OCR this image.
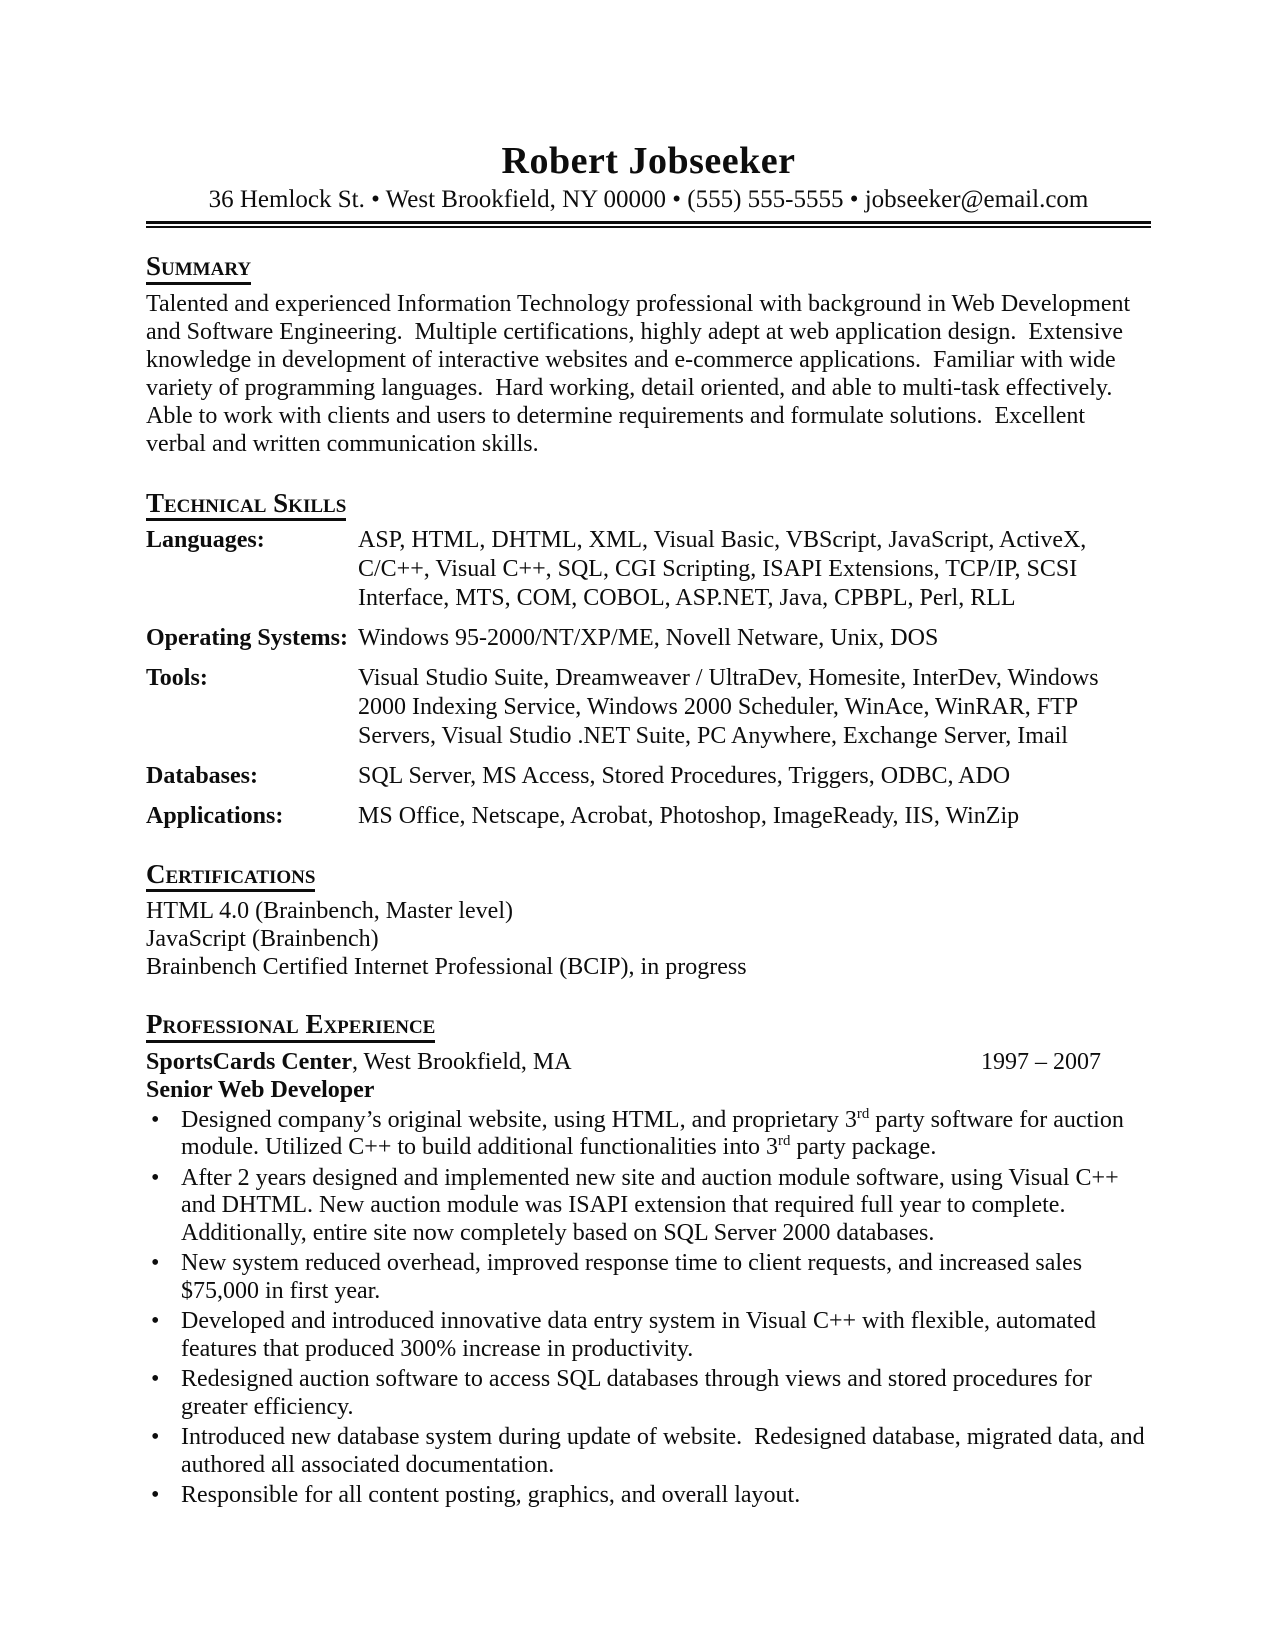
Robert Jobseeker
36 Hemlock St. • West Brookfield, NY 00000 • (555) 555-5555 • jobseeker@email.com
Summary
Talented and experienced Information Technology professional with background in Web Development and Software Engineering.  Multiple certifications, highly adept at web application design.  Extensive knowledge in development of interactive websites and e-commerce applications.  Familiar with wide variety of programming languages.  Hard working, detail oriented, and able to multi-task effectively.  Able to work with clients and users to determine requirements and formulate solutions.  Excellent verbal and written communication skills.
Technical Skills
Languages:	ASP, HTML, DHTML, XML, Visual Basic, VBScript, JavaScript, ActiveX, C/C++, Visual C++, SQL, CGI Scripting, ISAPI Extensions, TCP/IP, SCSI Interface, MTS, COM, COBOL, ASP.NET, Java, CPBPL, Perl, RLL
Operating Systems: Windows 95-2000/NT/XP/ME, Novell Netware, Unix, DOS
Tools:	Visual Studio Suite, Dreamweaver / UltraDev, Homesite, InterDev, Windows 2000 Indexing Service, Windows 2000 Scheduler, WinAce, WinRAR, FTP Servers, Visual Studio .NET Suite, PC Anywhere, Exchange Server, Imail
Databases:	SQL Server, MS Access, Stored Procedures, Triggers, ODBC, ADO
Applications:	MS Office, Netscape, Acrobat, Photoshop, ImageReady, IIS, WinZip
Certifications
HTML 4.0 (Brainbench, Master level)
JavaScript (Brainbench)
Brainbench Certified Internet Professional (BCIP), in progress
Professional Experience
SportsCards Center, West Brookfield, MA	1997 – 2007
Senior Web Developer
• Designed company’s original website, using HTML, and proprietary 3rd party software for auction module. Utilized C++ to build additional functionalities into 3rd party package.
• After 2 years designed and implemented new site and auction module software, using Visual C++ and DHTML. New auction module was ISAPI extension that required full year to complete. Additionally, entire site now completely based on SQL Server 2000 databases.
• New system reduced overhead, improved response time to client requests, and increased sales $75,000 in first year.
• Developed and introduced innovative data entry system in Visual C++ with flexible, automated features that produced 300% increase in productivity.
• Redesigned auction software to access SQL databases through views and stored procedures for greater efficiency.
• Introduced new database system during update of website.  Redesigned database, migrated data, and authored all associated documentation.
• Responsible for all content posting, graphics, and overall layout.
